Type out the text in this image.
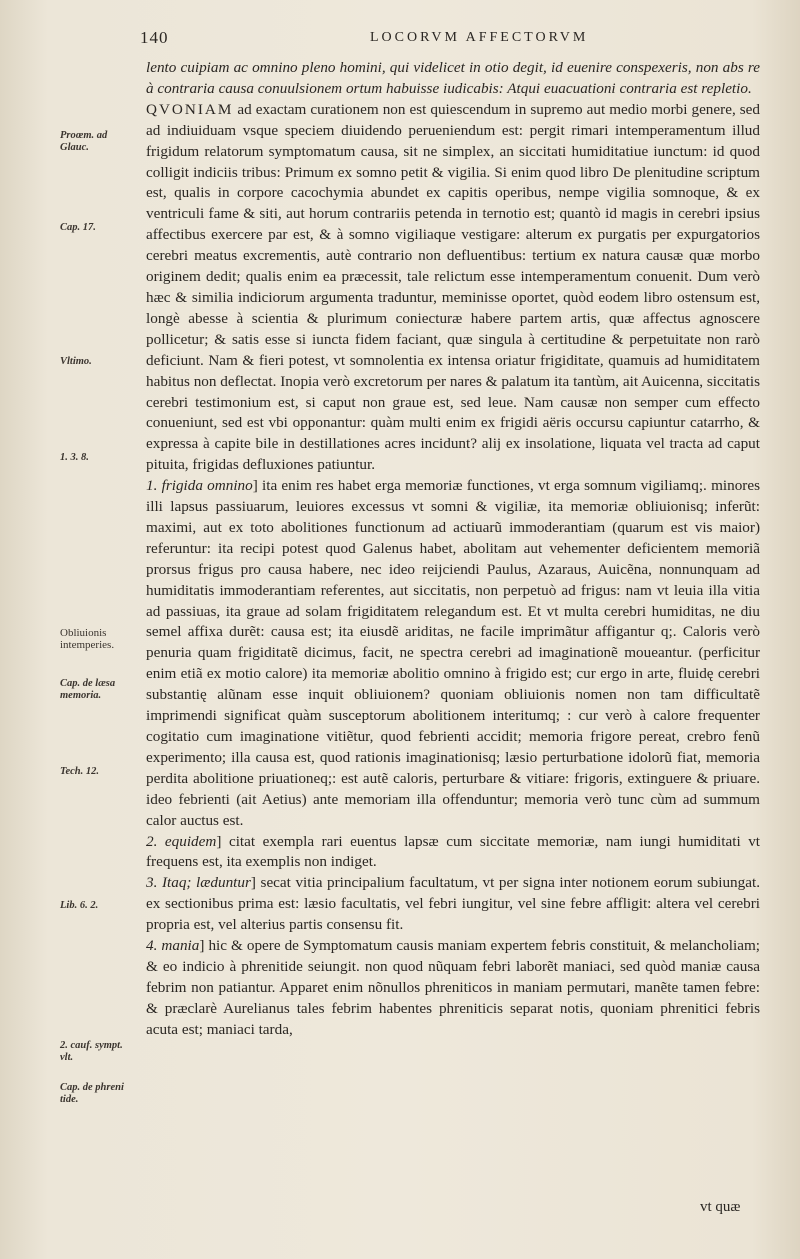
140	LOCORVM AFFECTORVM
Proœm. ad
Glauc.
Cap. 17.
Vltimo.
1. 3. 8.
Obliuionis
intemperies.
Cap. de læsa
memoria.
Tech. 12.
Lib. 6. 2.
2. cauf. sympt.
vlt.
Cap. de phreni
tide.

lento cuipiam ac omnino pleno homini, qui videlicet in otio degit, id euenire conspexeris, non abs re à contraria causa conuulsionem ortum habuisse iudicabis: Atqui euacuationi contraria est repletio.

QVONIAM ad exactam curationem non est quiescendum in supremo aut medio morbi genere, sed ad indiuiduam vsque speciem diuidendo perueniendum est: pergit rimari intemperamentum illud frigidum relatorum symptomatum causa, sit ne simplex, an siccitati humiditatiue iunctum: id quod colligit indiciis tribus: Primum ex somno petit & vigilia. Si enim quod libro De plenitudine scriptum est, qualis in corpore cacochymia abundet ex capitis operibus, nempe vigilia somnoque, & ex ventriculi fame & siti, aut horum contrariis petenda in ternotio est; quantò id magis in cerebri ipsius affectibus exercere par est, & à somno vigiliaque vestigare: alterum ex purgatis per expurgatorios cerebri meatus excrementis, autè contrario non defluentibus: tertium ex natura causæ quæ morbo originem dedit; qualis enim ea præcessit, tale relictum esse intemperamentum conuenit. Dum verò hæc & similia indiciorum argumenta traduntur, meminisse oportet, quòd eodem libro ostensum est, longè abesse à scientia & plurimum coniecturæ habere partem artis, quæ affectus agnoscere pollicetur; & satis esse si iuncta fidem faciant, quæ singula à certitudine & perpetuitate non rarò deficiunt. Nam & fieri potest, vt somnolentia ex intensa oriatur frigiditate, quamuis ad humiditatem habitus non deflectat. Inopia verò excretorum per nares & palatum ita tantùm, ait Auicenna, siccitatis cerebri testimonium est, si caput non graue est, sed leue. Nam causæ non semper cum effecto conueniunt, sed est vbi opponantur: quàm multi enim ex frigidi aëris occursu capiuntur catarrho, & expressa à capite bile in destillationes acres incidunt? alij ex insolatione, liquata vel tracta ad caput pituita, frigidas defluxiones patiuntur.

1. frigida omnino] ita enim res habet erga memoriæ functiones, vt erga somnum vigiliamq;. minores illi lapsus passiuarum, leuiores excessus vt somni & vigiliæ, ita memoriæ obliuionisq; inferũt: maximi, aut ex toto abolitiones functionum ad actiuarũ immoderantiam (quarum est vis maior) referuntur: ita recipi potest quod Galenus habet, abolitam aut vehementer deficientem memoriã prorsus frigus pro causa habere, nec ideo reijciendi Paulus, Azaraus, Auicẽna, nonnunquam ad humiditatis immoderantiam referentes, aut siccitatis, non perpetuò ad frigus: nam vt leuia illa vitia ad passiuas, ita graue ad solam frigiditatem relegandum est. Et vt multa cerebri humiditas, ne diu semel affixa durẽt: causa est; ita eiusdẽ ariditas, ne facile imprimãtur affigantur q;. Caloris verò penuria quam frigiditatẽ dicimus, facit, ne spectra cerebri ad imaginationẽ moueantur. (perficitur enim etiã ex motio calore) ita memoriæ abolitio omnino à frigido est; cur ergo in arte, fluidę cerebri substantię alũnam esse inquit obliuionem? quoniam obliuionis nomen non tam difficultatẽ imprimendi significat quàm susceptorum abolitionem interitumq; : cur verò à calore frequenter cogitatio cum imaginatione vitiẽtur, quod febrienti accidit; memoria frigore pereat, crebro fenũ experimento; illa causa est, quod rationis imaginationisq; læsio perturbatione idolorũ fiat, memoria perdita abolitione priuationeq;: est autẽ caloris, perturbare & vitiare: frigoris, extinguere & priuare. ideo febrienti (ait Aetius) ante memoriam illa offenduntur; memoria verò tunc cùm ad summum calor auctus est.

2. equidem] citat exempla rari euentus lapsæ cum siccitate memoriæ, nam iungi humiditati vt frequens est, ita exemplis non indiget.

3. Itaq; læduntur] secat vitia principalium facultatum, vt per signa inter notionem eorum subiungat. ex sectionibus prima est: læsio facultatis, vel febri iungitur, vel sine febre affligit: altera vel cerebri propria est, vel alterius partis consensu fit.

4. mania] hic & opere de Symptomatum causis maniam expertem febris constituit, & melancholiam; & eo indicio à phrenitide seiungit. non quod nũquam febri laborẽt maniaci, sed quòd maniæ causa febrim non patiantur. Apparet enim nõnullos phreniticos in maniam permutari, manẽte tamen febre: & præclarè Aurelianus tales febrim habentes phreniticis separat notis, quoniam phrenitici febris acuta est; maniaci tarda,

vt quæ
